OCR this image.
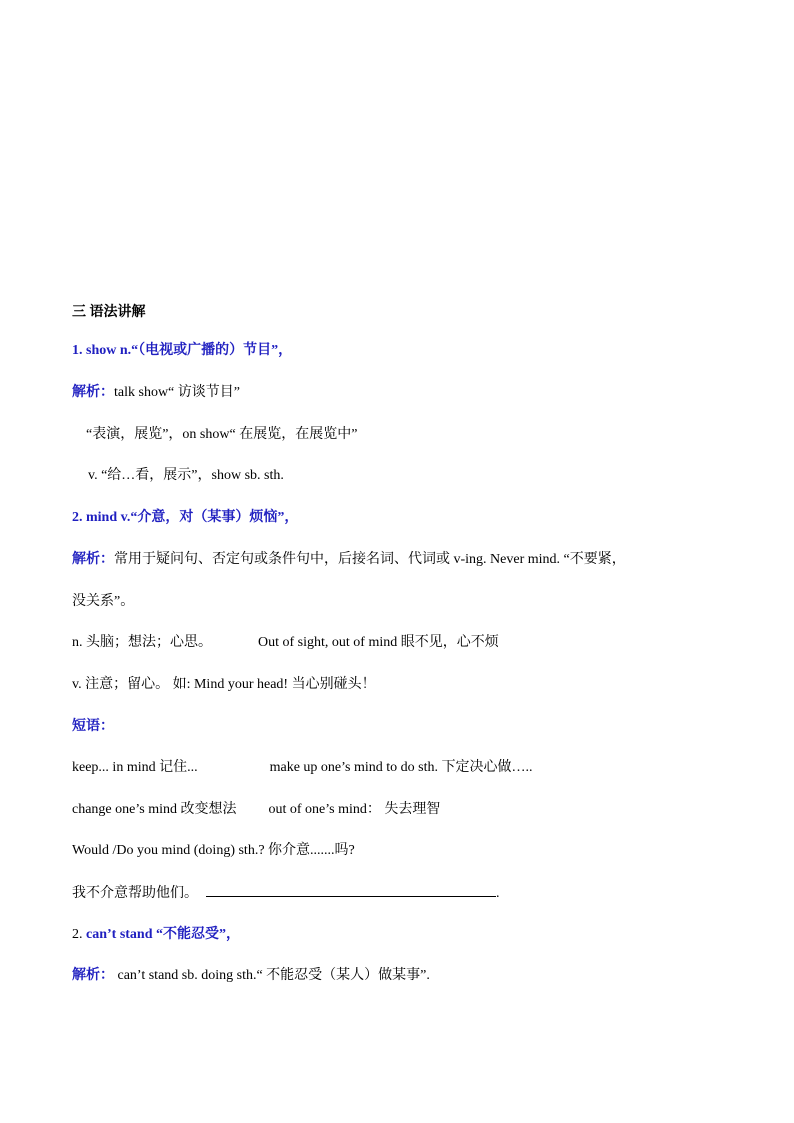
三 语法讲解
1. show n.“（电视或广播的）节目”，
解析：talk show“ 访谈节目”
“表演，展览”，on show“ 在展览，在展览中”
v. “给…看，展示”，show sb. sth.
2. mind v.“介意，对（某事）烦恼”，
解析：常用于疑问句、否定句或条件句中，后接名词、代词或 v-ing. Never mind. “不要紧，
没关系”。
n. 头脑；想法；心思。	Out of sight, out of mind 眼不见，心不烦
v. 注意；留心。 如: Mind your head! 当心别碰头！
短语：
keep... in mind 记住...	make up one’s mind to do sth. 下定决心做…..
change one’s mind 改变想法 out of one’s mind： 失去理智
Would /Do you mind (doing) sth.? 你介意.......吗?
我不介意帮助他们。	.
2. can’t stand “不能忍受”，
解析： can’t stand sb. doing sth.“ 不能忍受（某人）做某事”.
